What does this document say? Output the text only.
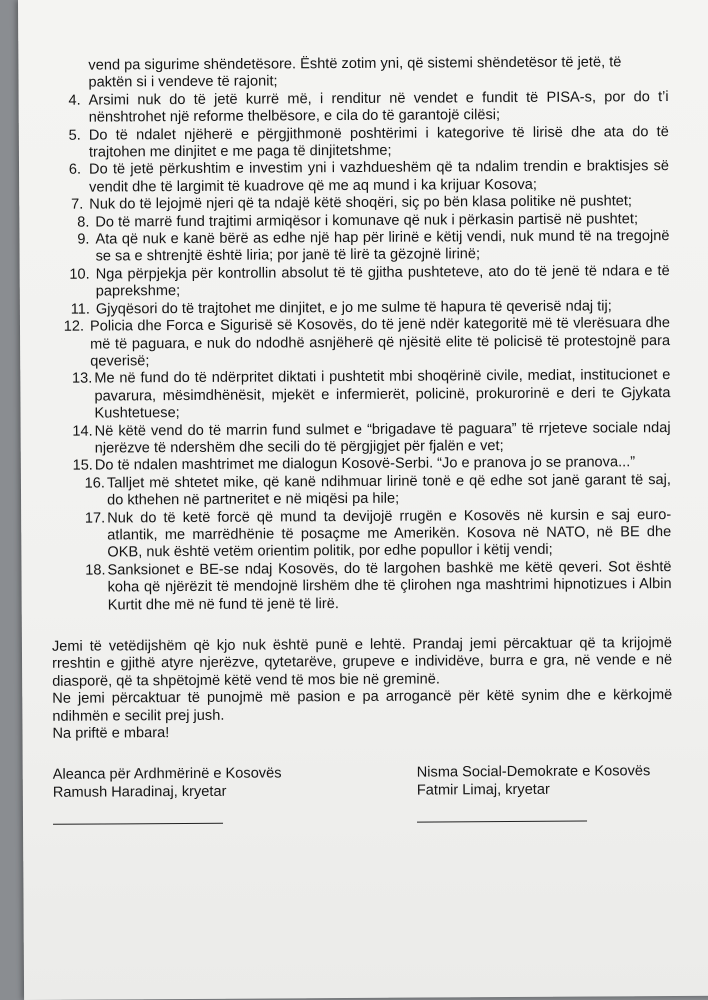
vend pa sigurime shëndetësore. Është zotim yni, që sistemi shëndetësor të jetë, të paktën si i vendeve të rajonit;
4. Arsimi nuk do të jetë kurrë më, i renditur në vendet e fundit të PISA-s, por do t’i nënshtrohet një reforme thelbësore, e cila do të garantojë cilësi;
5. Do të ndalet njëherë e përgjithmonë poshtërimi i kategorive të lirisë dhe ata do të trajtohen me dinjitet e me paga të dinjitetshme;
6. Do të jetë përkushtim e investim yni i vazhdueshëm që ta ndalim trendin e braktisjes së vendit dhe të largimit të kuadrove që me aq mund i ka krijuar Kosova;
7. Nuk do të lejojmë njeri që ta ndajë këtë shoqëri, siç po bën klasa politike në pushtet;
8. Do të marrë fund trajtimi armiqësor i komunave që nuk i përkasin partisë në pushtet;
9. Ata që nuk e kanë bërë as edhe një hap për lirinë e këtij vendi, nuk mund të na tregojnë se sa e shtrenjtë është liria; por janë të lirë ta gëzojnë lirinë;
10. Nga përpjekja për kontrollin absolut të të gjitha pushteteve, ato do të jenë të ndara e të paprekshme;
11. Gjyqësori do të trajtohet me dinjitet, e jo me sulme të hapura të qeverisë ndaj tij;
12. Policia dhe Forca e Sigurisë së Kosovës, do të jenë ndër kategoritë më të vlerësuara dhe më të paguara, e nuk do ndodhë asnjëherë që njësitë elite të policisë të protestojnë para qeverisë;
13. Me në fund do të ndërpritet diktati i pushtetit mbi shoqërinë civile, mediat, institucionet e pavarura, mësimdhënësit, mjekët e infermierët, policinë, prokurorinë e deri te Gjykata Kushtetuese;
14. Në këtë vend do të marrin fund sulmet e “brigadave të paguara” të rrjeteve sociale ndaj njerëzve të ndershëm dhe secili do të përgjigjet për fjalën e vet;
15. Do të ndalen mashtrimet me dialogun Kosovë-Serbi. “Jo e pranova jo se pranova...”
16. Talljet më shtetet mike, që kanë ndihmuar lirinë tonë e që edhe sot janë garant të saj, do kthehen në partneritet e në miqësi pa hile;
17. Nuk do të ketë forcë që mund ta devijojë rrugën e Kosovës në kursin e saj euro-atlantik, me marrëdhënie të posaçme me Amerikën. Kosova në NATO, në BE dhe OKB, nuk është vetëm orientim politik, por edhe popullor i këtij vendi;
18. Sanksionet e BE-se ndaj Kosovës, do të largohen bashkë me këtë qeveri. Sot është koha që njërëzit të mendojnë lirshëm dhe të çlirohen nga mashtrimi hipnotizues i Albin Kurtit dhe më në fund të jenë të lirë.

Jemi të vetëdijshëm që kjo nuk është punë e lehtë. Prandaj jemi përcaktuar që ta krijojmë rreshtin e gjithë atyre njerëzve, qytetarëve, grupeve e individëve, burra e gra, në vende e në diasporë, që ta shpëtojmë këtë vend të mos bie në greminë.

Ne jemi përcaktuar të punojmë më pasion e pa arrogancë për këtë synim dhe e kërkojmë ndihmën e secilit prej jush.

Na priftë e mbara!

Aleanca për Ardhmërinë e Kosovës
Ramush Haradinaj, kryetar
Nisma Social-Demokrate e Kosovës
Fatmir Limaj, kryetar
